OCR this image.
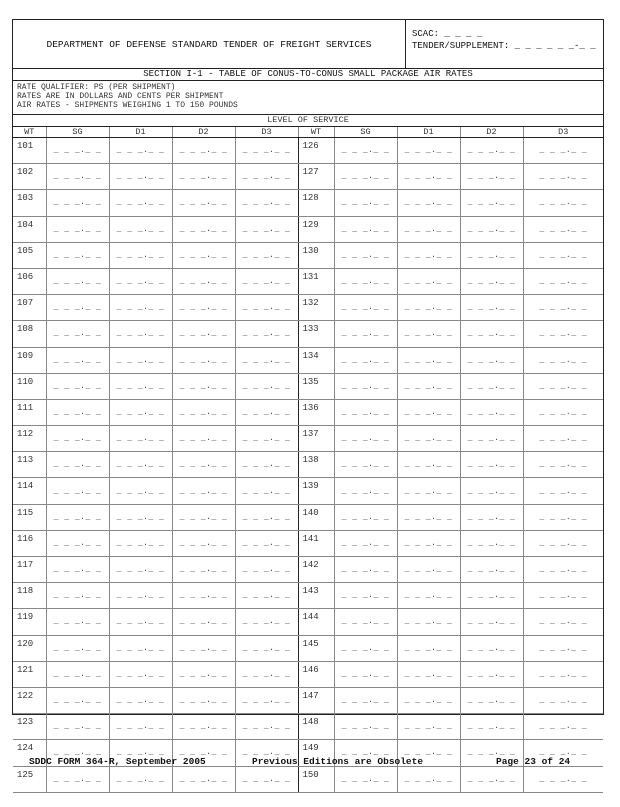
DEPARTMENT OF DEFENSE STANDARD TENDER OF FREIGHT SERVICES
SCAC: _ _ _ _
TENDER/SUPPLEMENT: _ _ _ _ _ _-_ _
SECTION I-1 - TABLE OF CONUS-TO-CONUS SMALL PACKAGE AIR RATES
RATE QUALIFIER: PS (PER SHIPMENT)
RATES ARE IN DOLLARS AND CENTS PER SHIPMENT
AIR RATES - SHIPMENTS WEIGHING 1 TO 150 POUNDS
LEVEL OF SERVICE
WT	SG	D1	D2	D3	WT	SG	D1	D2	D3
101	_ _ _._ _	_ _ _._ _	_ _ _._ _	_ _ _._ _	126	_ _ _._ _	_ _ _._ _	_ _ _._ _	_ _ _._ _

102	_ _ _._ _	_ _ _._ _	_ _ _._ _	_ _ _._ _	127	_ _ _._ _	_ _ _._ _	_ _ _._ _	_ _ _._ _

103	_ _ _._ _	_ _ _._ _	_ _ _._ _	_ _ _._ _	128	_ _ _._ _	_ _ _._ _	_ _ _._ _	_ _ _._ _

104	_ _ _._ _	_ _ _._ _	_ _ _._ _	_ _ _._ _	129	_ _ _._ _	_ _ _._ _	_ _ _._ _	_ _ _._ _

105	_ _ _._ _	_ _ _._ _	_ _ _._ _	_ _ _._ _	130	_ _ _._ _	_ _ _._ _	_ _ _._ _	_ _ _._ _

106	_ _ _._ _	_ _ _._ _	_ _ _._ _	_ _ _._ _	131	_ _ _._ _	_ _ _._ _	_ _ _._ _	_ _ _._ _

107	_ _ _._ _	_ _ _._ _	_ _ _._ _	_ _ _._ _	132	_ _ _._ _	_ _ _._ _	_ _ _._ _	_ _ _._ _

108	_ _ _._ _	_ _ _._ _	_ _ _._ _	_ _ _._ _	133	_ _ _._ _	_ _ _._ _	_ _ _._ _	_ _ _._ _

109	_ _ _._ _	_ _ _._ _	_ _ _._ _	_ _ _._ _	134	_ _ _._ _	_ _ _._ _	_ _ _._ _	_ _ _._ _

110	_ _ _._ _	_ _ _._ _	_ _ _._ _	_ _ _._ _	135	_ _ _._ _	_ _ _._ _	_ _ _._ _	_ _ _._ _

111	_ _ _._ _	_ _ _._ _	_ _ _._ _	_ _ _._ _	136	_ _ _._ _	_ _ _._ _	_ _ _._ _	_ _ _._ _

112	_ _ _._ _	_ _ _._ _	_ _ _._ _	_ _ _._ _	137	_ _ _._ _	_ _ _._ _	_ _ _._ _	_ _ _._ _

113	_ _ _._ _	_ _ _._ _	_ _ _._ _	_ _ _._ _	138	_ _ _._ _	_ _ _._ _	_ _ _._ _	_ _ _._ _

114	_ _ _._ _	_ _ _._ _	_ _ _._ _	_ _ _._ _	139	_ _ _._ _	_ _ _._ _	_ _ _._ _	_ _ _._ _

115	_ _ _._ _	_ _ _._ _	_ _ _._ _	_ _ _._ _	140	_ _ _._ _	_ _ _._ _	_ _ _._ _	_ _ _._ _

116	_ _ _._ _	_ _ _._ _	_ _ _._ _	_ _ _._ _	141	_ _ _._ _	_ _ _._ _	_ _ _._ _	_ _ _._ _

117	_ _ _._ _	_ _ _._ _	_ _ _._ _	_ _ _._ _	142	_ _ _._ _	_ _ _._ _	_ _ _._ _	_ _ _._ _

118	_ _ _._ _	_ _ _._ _	_ _ _._ _	_ _ _._ _	143	_ _ _._ _	_ _ _._ _	_ _ _._ _	_ _ _._ _

119	_ _ _._ _	_ _ _._ _	_ _ _._ _	_ _ _._ _	144	_ _ _._ _	_ _ _._ _	_ _ _._ _	_ _ _._ _

120	_ _ _._ _	_ _ _._ _	_ _ _._ _	_ _ _._ _	145	_ _ _._ _	_ _ _._ _	_ _ _._ _	_ _ _._ _

121	_ _ _._ _	_ _ _._ _	_ _ _._ _	_ _ _._ _	146	_ _ _._ _	_ _ _._ _	_ _ _._ _	_ _ _._ _

122	_ _ _._ _	_ _ _._ _	_ _ _._ _	_ _ _._ _	147	_ _ _._ _	_ _ _._ _	_ _ _._ _	_ _ _._ _

123	_ _ _._ _	_ _ _._ _	_ _ _._ _	_ _ _._ _	148	_ _ _._ _	_ _ _._ _	_ _ _._ _	_ _ _._ _

124	_ _ _._ _	_ _ _._ _	_ _ _._ _	_ _ _._ _	149	_ _ _._ _	_ _ _._ _	_ _ _._ _	_ _ _._ _

125	_ _ _._ _	_ _ _._ _	_ _ _._ _	_ _ _._ _	150	_ _ _._ _	_ _ _._ _	_ _ _._ _	_ _ _._ _
SDDC FORM 364-R, September 2005	Previous Editions are Obsolete	Page 23 of 24
